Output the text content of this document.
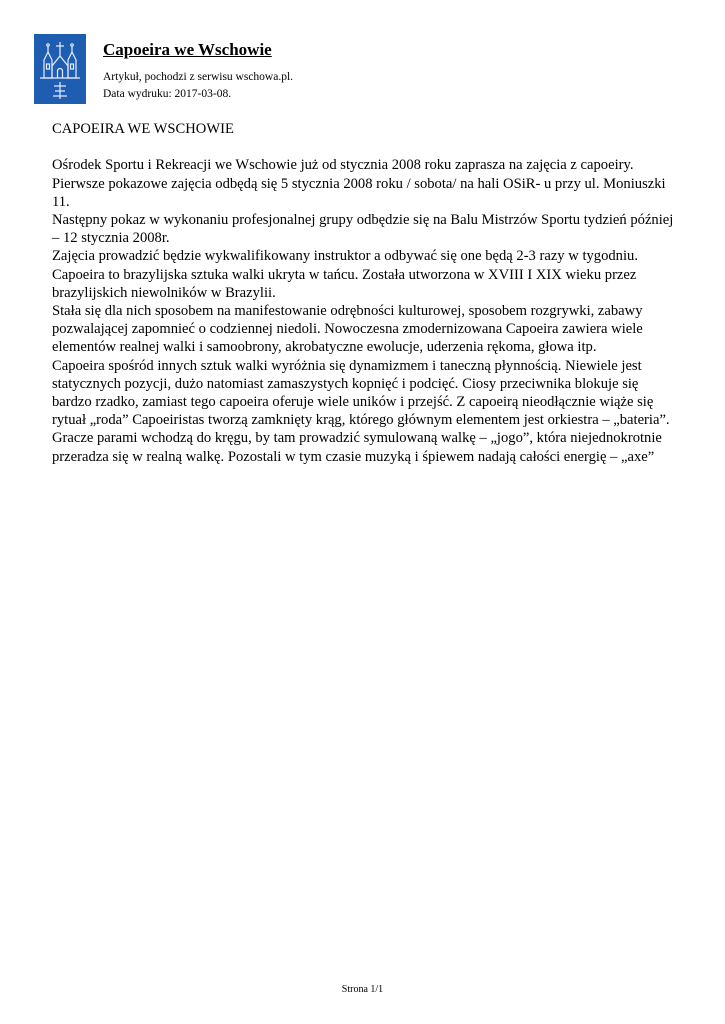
Capoeira we Wschowie
Artykuł, pochodzi z serwisu wschowa.pl.
Data wydruku: 2017-03-08.
CAPOEIRA WE WSCHOWIE

Ośrodek Sportu i Rekreacji we Wschowie już od stycznia 2008 roku zaprasza na zajęcia z capoeiry. Pierwsze pokazowe zajęcia odbędą się 5 stycznia 2008 roku / sobota/ na hali OSiR- u przy ul. Moniuszki 11.

Następny pokaz w wykonaniu profesjonalnej grupy odbędzie się na Balu Mistrzów Sportu tydzień później – 12 stycznia 2008r.

Zajęcia prowadzić będzie wykwalifikowany instruktor a odbywać się one będą 2-3 razy w tygodniu.

Capoeira to brazylijska sztuka walki ukryta w tańcu. Została utworzona w XVIII I XIX wieku przez brazylijskich niewolników w Brazylii.

Stała się dla nich sposobem na manifestowanie odrębności kulturowej, sposobem rozgrywki, zabawy pozwalającej zapomnieć o codziennej niedoli. Nowoczesna zmodernizowana Capoeira zawiera wiele elementów realnej walki i samoobrony, akrobatyczne ewolucje, uderzenia rękoma, głowa itp.

Capoeira spośród innych sztuk walki wyróżnia się dynamizmem i taneczną płynnością. Niewiele jest statycznych pozycji, dużo natomiast zamaszystych kopnięć i podcięć. Ciosy przeciwnika blokuje się bardzo rzadko, zamiast tego capoeira oferuje wiele uników i przejść. Z capoeirą nieodłącznie wiąże się rytuał „roda” Capoeiristas tworzą zamknięty krąg, którego głównym elementem jest orkiestra – „bateria”. Gracze parami wchodzą do kręgu, by tam prowadzić symulowaną walkę – „jogo”, która niejednokrotnie przeradza się w realną walkę. Pozostali w tym czasie muzyką i śpiewem nadają całości energię – „axe”

Strona 1/1
